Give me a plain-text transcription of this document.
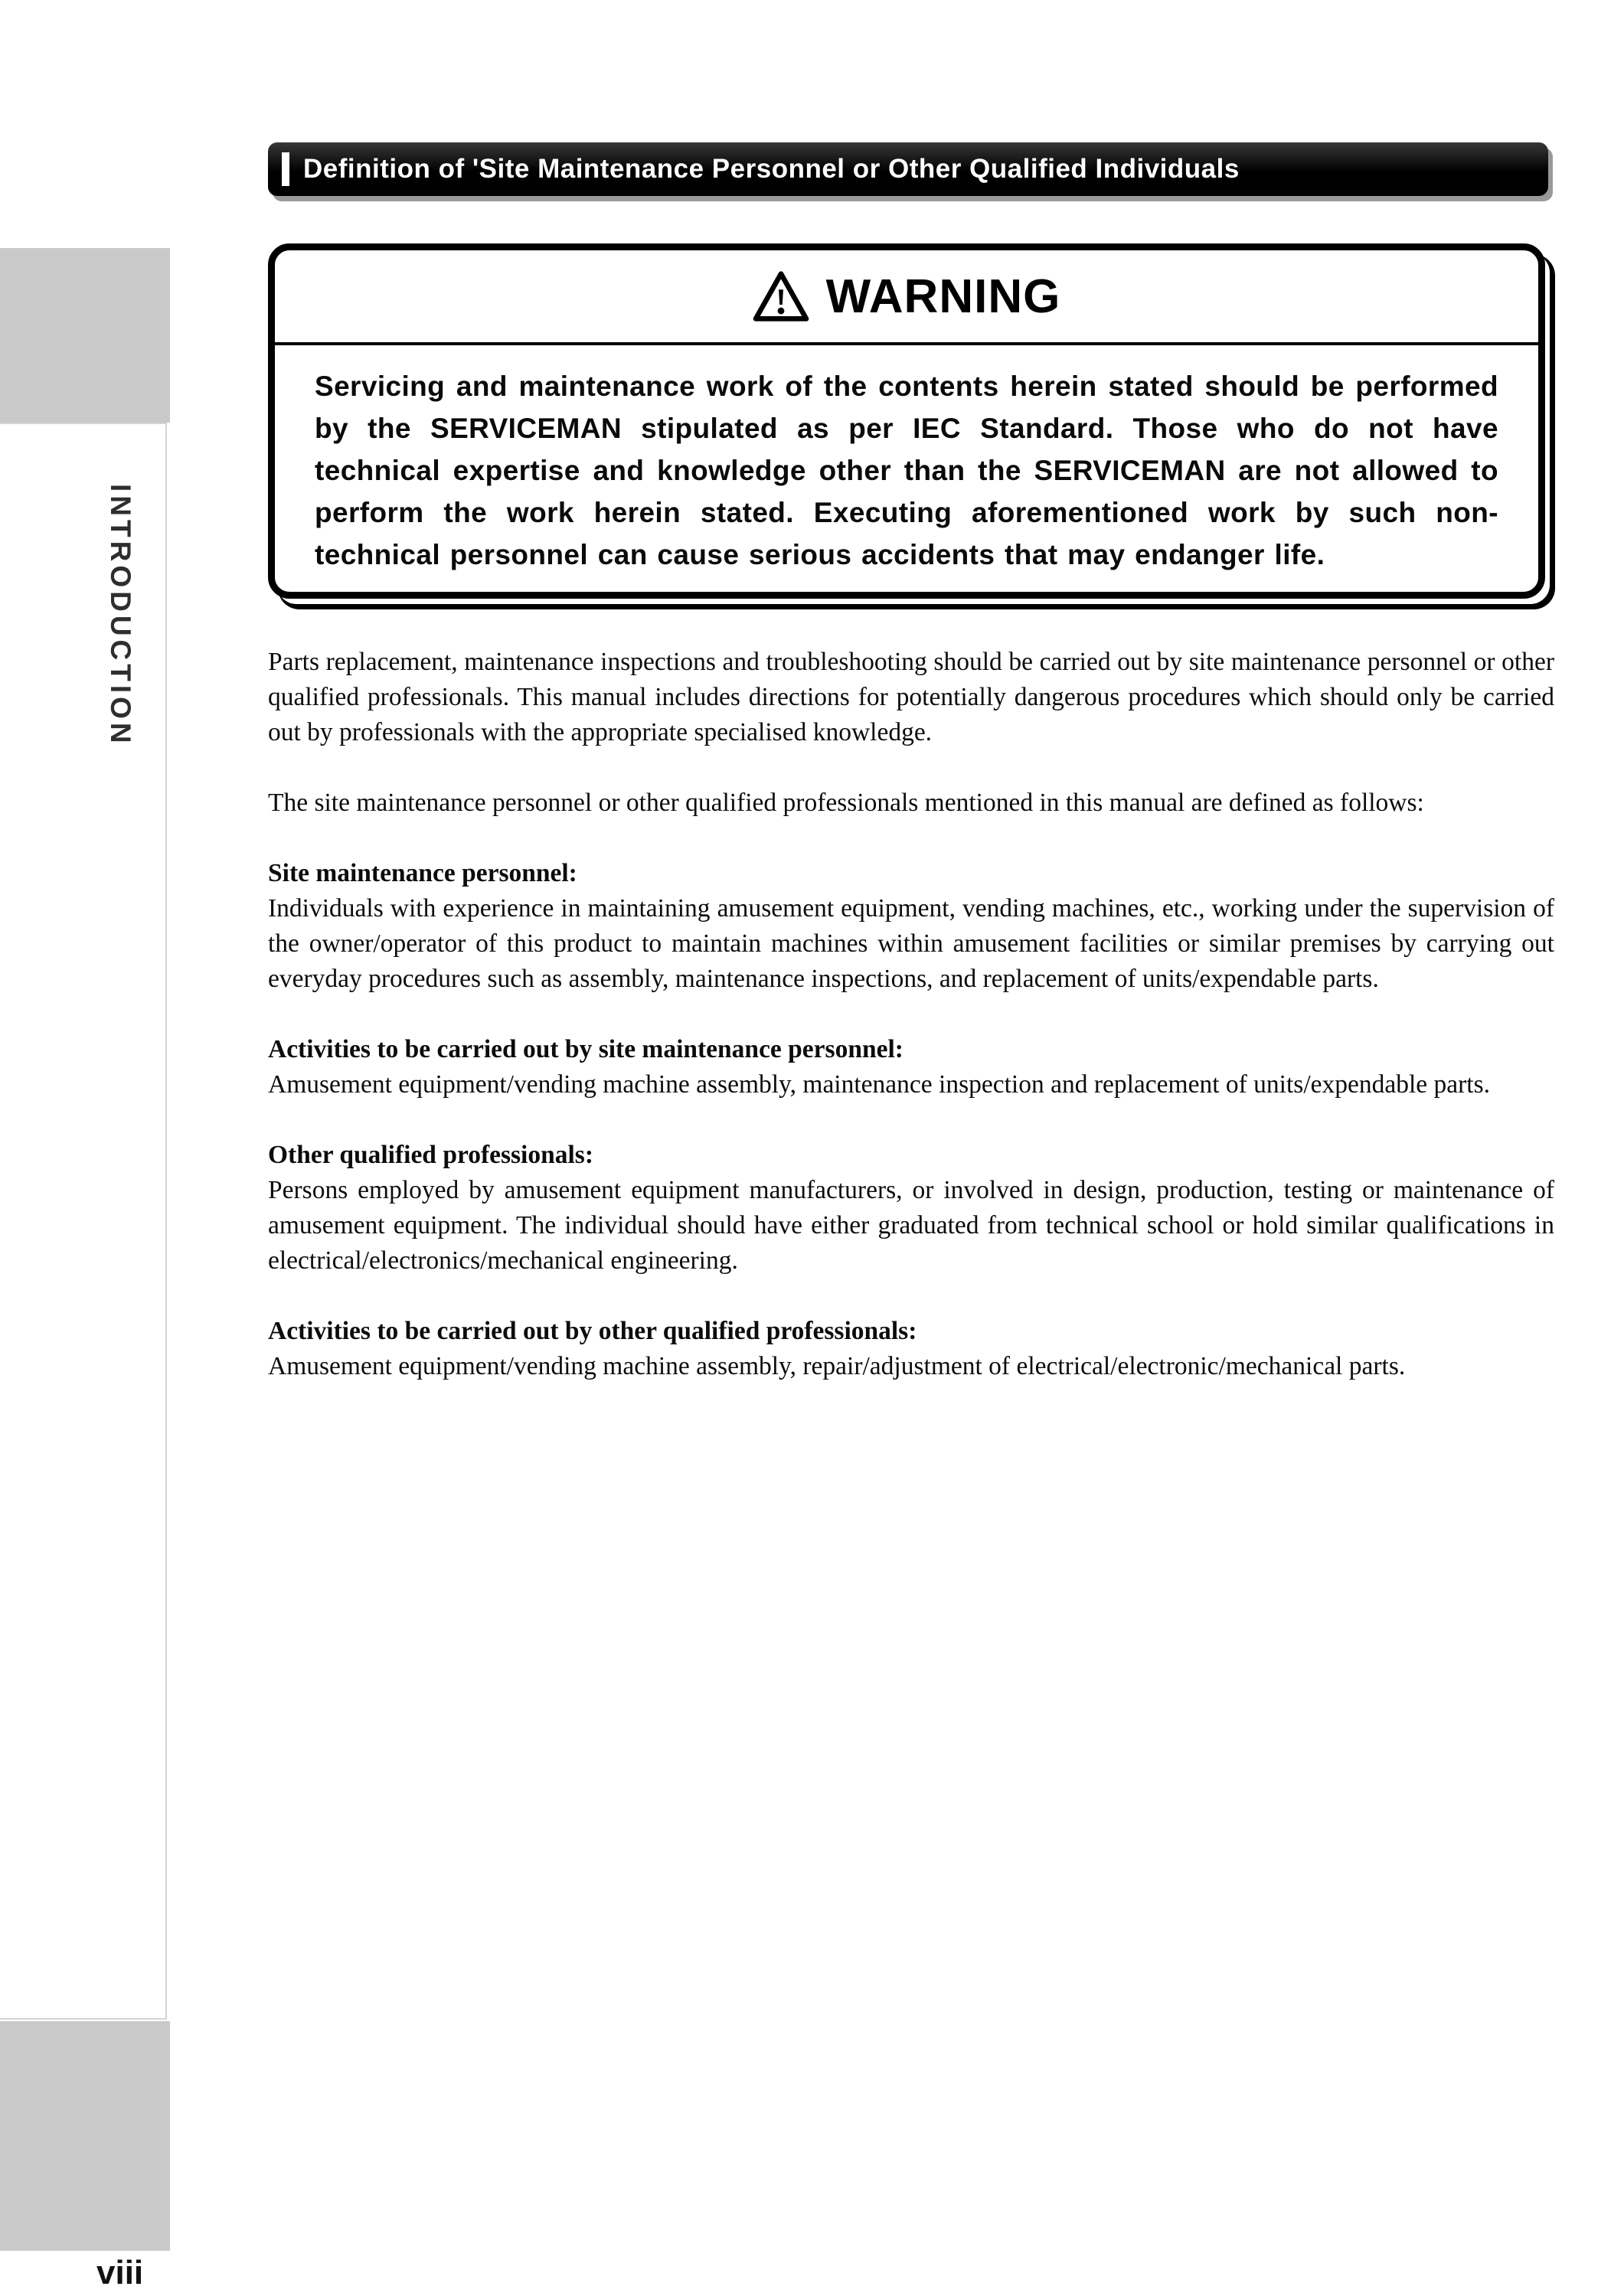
INTRODUCTION
viii
Definition of 'Site Maintenance Personnel or Other Qualified Individuals
WARNING
Servicing and maintenance work of the contents herein stated should be performed by the SERVICEMAN stipulated as per IEC Standard. Those who do not have technical expertise and knowledge other than the SERVICEMAN are not allowed to perform the work herein stated. Executing aforementioned work by such non-technical personnel can cause serious accidents that may endanger life.

Parts replacement, maintenance inspections and troubleshooting should be carried out by site maintenance personnel or other qualified professionals. This manual includes directions for potentially dangerous procedures which should only be carried out by professionals with the appropriate specialised knowledge.

The site maintenance personnel or other qualified professionals mentioned in this manual are defined as follows:

Site maintenance personnel:

Individuals with experience in maintaining amusement equipment, vending machines, etc., working under the supervision of the owner/operator of this product to maintain machines within amusement facilities or similar premises by carrying out everyday procedures such as assembly, maintenance inspections, and replacement of units/expendable parts.

Activities to be carried out by site maintenance personnel:

Amusement equipment/vending machine assembly, maintenance inspection and replacement of units/expendable parts.

Other qualified professionals:

Persons employed by amusement equipment manufacturers, or involved in design, production, testing or maintenance of amusement equipment. The individual should have either graduated from technical school or hold similar qualifications in electrical/electronics/mechanical engineering.

Activities to be carried out by other qualified professionals:

Amusement equipment/vending machine assembly, repair/adjustment of electrical/electronic/mechanical parts.
